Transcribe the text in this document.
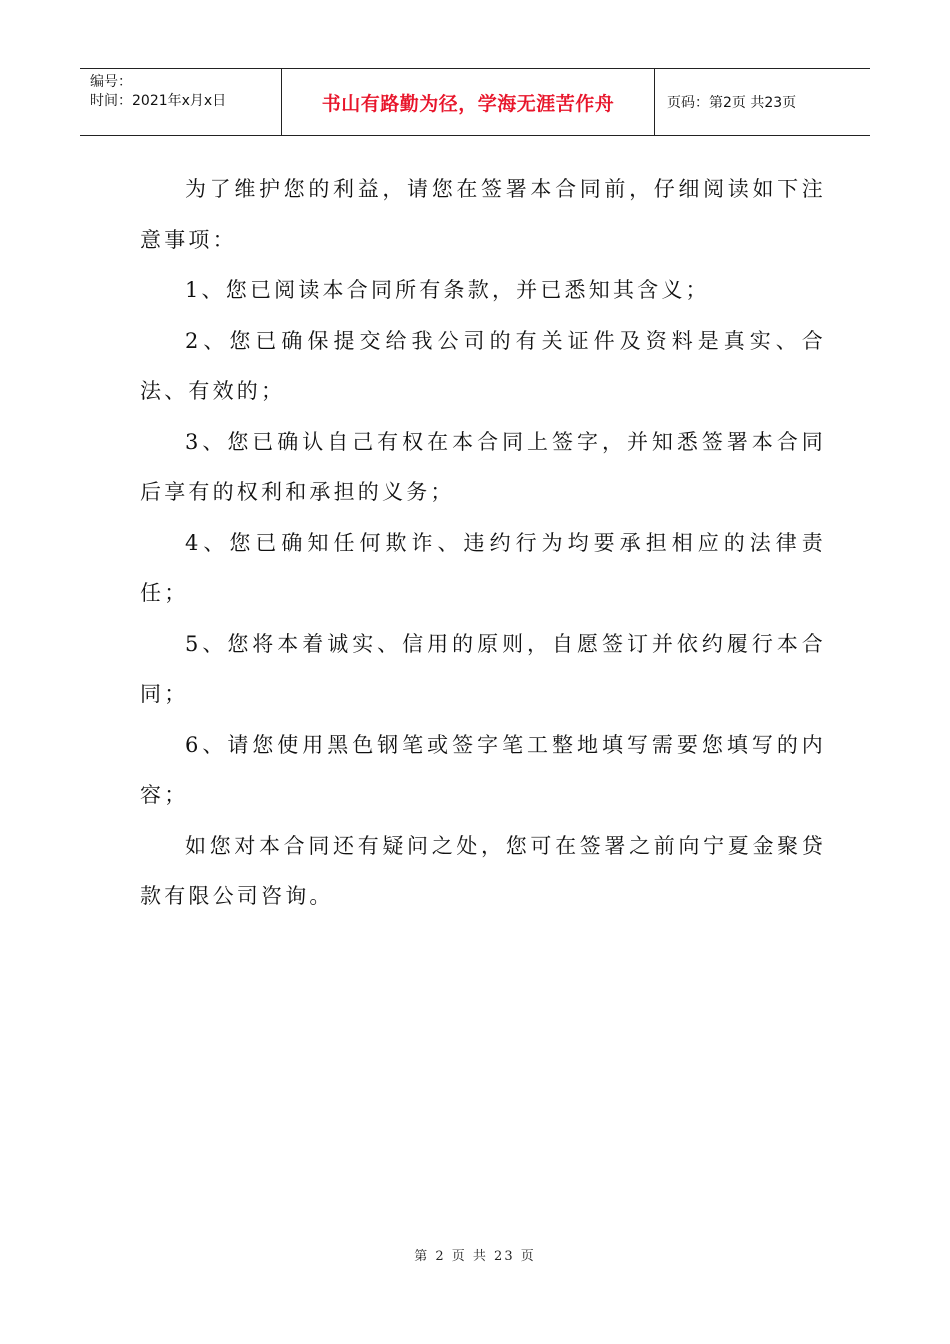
编号：
时间：2021年x月x日	书山有路勤为径，学海无涯苦作舟	页码：第2页 共23页

为了维护您的利益，请您在签署本合同前，仔细阅读如下注意事项：

1、您已阅读本合同所有条款，并已悉知其含义；

2、您已确保提交给我公司的有关证件及资料是真实、合法、有效的；

3、您已确认自己有权在本合同上签字，并知悉签署本合同后享有的权利和承担的义务；

4、您已确知任何欺诈、违约行为均要承担相应的法律责任；

5、您将本着诚实、信用的原则，自愿签订并依约履行本合同；

6、请您使用黑色钢笔或签字笔工整地填写需要您填写的内容；

如您对本合同还有疑问之处，您可在签署之前向宁夏金聚贷款有限公司咨询。

第 2 页 共 23 页
